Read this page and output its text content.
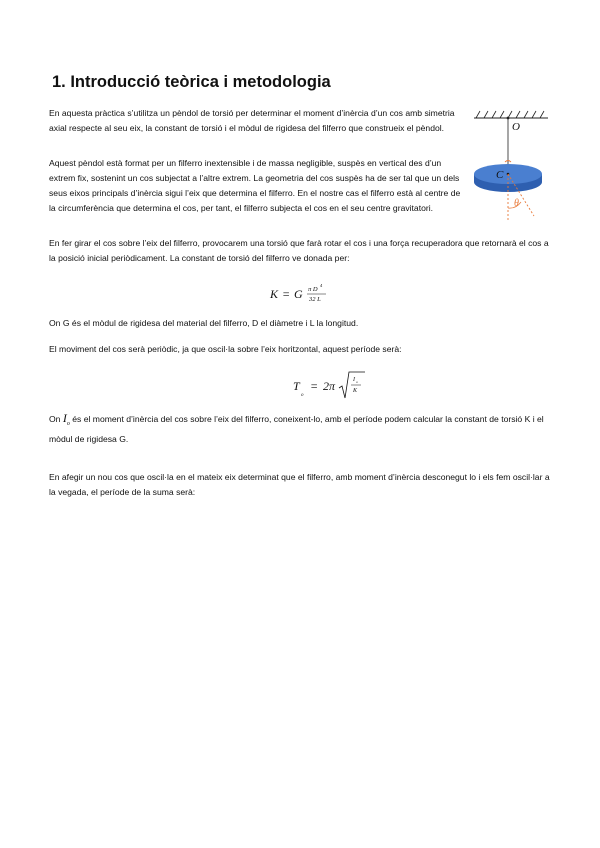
1. Introducció teòrica i metodologia

En aquesta pràctica s’utilitza un pèndol de torsió per determinar el moment d’inèrcia d’un cos amb simetria axial respecte al seu eix, la constant de torsió i el mòdul de rigidesa del filferro que construeix el pèndol.

Aquest pèndol està format per un filferro inextensible i de massa negligible, suspès en vertical des d’un extrem fix, sostenint un cos subjectat a l’altre extrem. La geometria del cos suspès ha de ser tal que un dels seus eixos principals d’inèrcia sigui l’eix que determina el filferro. En el nostre cas el filferro està al centre de la circumferència que determina el cos, per tant, el filferro subjecta el cos en el seu centre gravitatori.

O
C
θ

En fer girar el cos sobre l’eix del filferro, provocarem una torsió que farà rotar el cos i una força recuperadora que retornarà el cos a la posició inicial periòdicament. La constant de torsió del filferro ve donada per:

K = G π D
4
32 L

On G és el mòdul de rigidesa del material del filferro, D el diàmetre i L la longitud.

El moviment del cos serà periòdic, ja que oscil·la sobre l’eix horitzontal, aquest període serà:

T
o
= 2π	I o
K

On $I_o$ és el moment d’inèrcia del cos sobre l’eix del filferro, coneixent-lo, amb el període podem calcular la constant de torsió K i el mòdul de rigidesa G.

En afegir un nou cos que oscil·la en el mateix eix determinat que el filferro, amb moment d’inèrcia desconegut lo i els fem oscil·lar a la vegada, el període de la suma serà:
